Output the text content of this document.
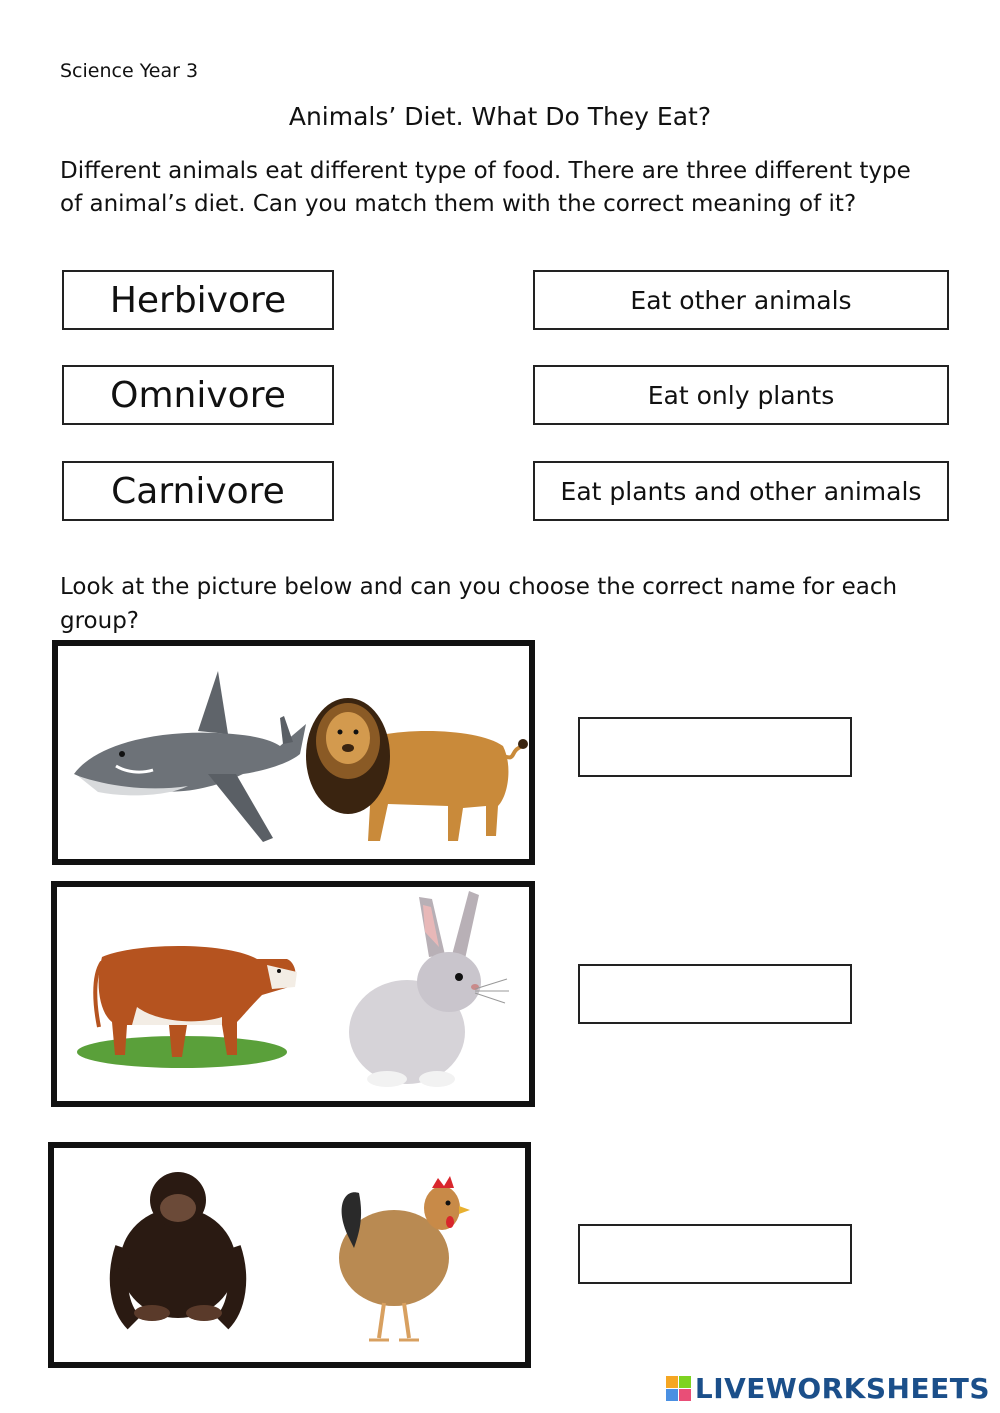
Science Year 3
Animals’ Diet. What Do They Eat?
Different animals eat different type of food. There are three different type of animal’s diet. Can you match them with the correct meaning of it?
Herbivore
Omnivore
Carnivore
Eat other animals
Eat only plants
Eat plants and other animals
Look at the picture below and can you choose the correct name for each group?
LIVEWORKSHEETS
